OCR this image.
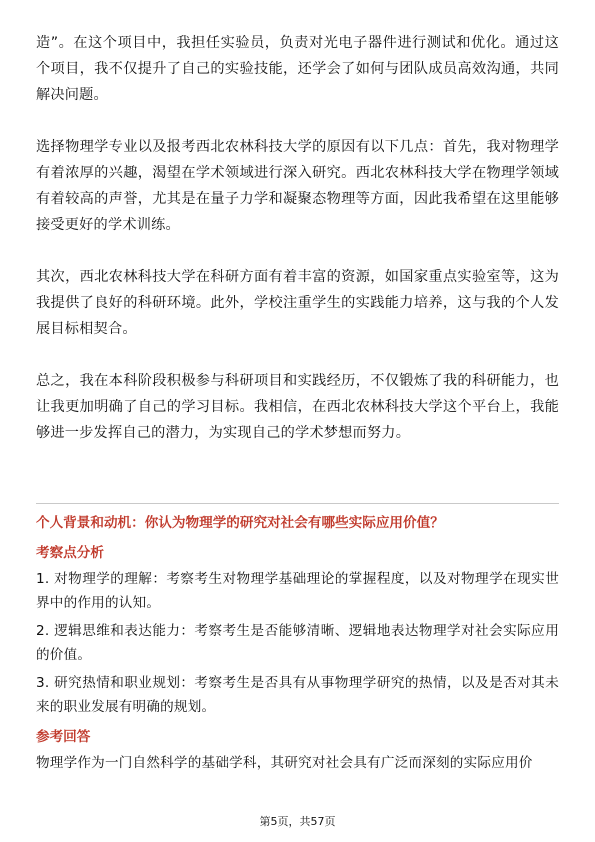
造”。在这个项目中，我担任实验员，负责对光电子器件进行测试和优化。通过这个项目，我不仅提升了自己的实验技能，还学会了如何与团队成员高效沟通，共同解决问题。

选择物理学专业以及报考西北农林科技大学的原因有以下几点：首先，我对物理学有着浓厚的兴趣，渴望在学术领域进行深入研究。西北农林科技大学在物理学领域有着较高的声誉，尤其是在量子力学和凝聚态物理等方面，因此我希望在这里能够接受更好的学术训练。

其次，西北农林科技大学在科研方面有着丰富的资源，如国家重点实验室等，这为我提供了良好的科研环境。此外，学校注重学生的实践能力培养，这与我的个人发展目标相契合。

总之，我在本科阶段积极参与科研项目和实践经历，不仅锻炼了我的科研能力，也让我更加明确了自己的学习目标。我相信，在西北农林科技大学这个平台上，我能够进一步发挥自己的潜力，为实现自己的学术梦想而努力。

个人背景和动机：你认为物理学的研究对社会有哪些实际应用价值？

考察点分析

1. 对物理学的理解：考察考生对物理学基础理论的掌握程度，以及对物理学在现实世界中的作用的认知。

2. 逻辑思维和表达能力：考察考生是否能够清晰、逻辑地表达物理学对社会实际应用的价值。

3. 研究热情和职业规划：考察考生是否具有从事物理学研究的热情，以及是否对其未来的职业发展有明确的规划。

参考回答

物理学作为一门自然科学的基础学科，其研究对社会具有广泛而深刻的实际应用价

第5页，共57页
